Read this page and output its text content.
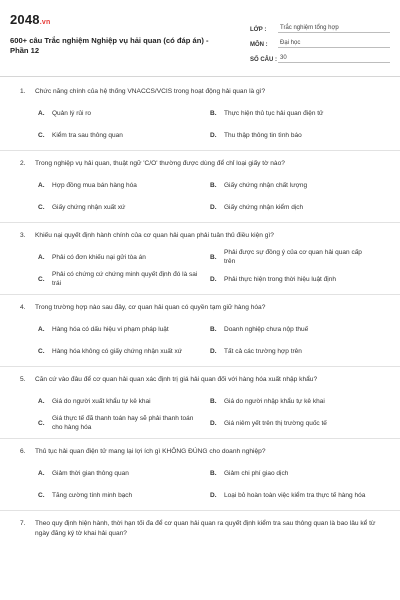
2048.vn
600+ câu Trắc nghiệm Nghiệp vụ hải quan (có đáp án) - Phần 12
LỚP :	Trắc nghiệm tổng hợp
MÔN :	Đại học
SỐ CÂU : 30
1.	Chức năng chính của hệ thống VNACCS/VCIS trong hoạt động hải quan là gì?
A.	Quản lý rủi ro	B.	Thực hiện thủ tục hải quan điện tử
C.	Kiểm tra sau thông quan	D.	Thu thập thông tin tình báo
2.	Trong nghiệp vụ hải quan, thuật ngữ 'C/O' thường được dùng để chỉ loại giấy tờ nào?
A.	Hợp đồng mua bán hàng hóa	B.	Giấy chứng nhận chất lượng
C.	Giấy chứng nhận xuất xứ	D.	Giấy chứng nhận kiểm dịch
3.	Khiếu nại quyết định hành chính của cơ quan hải quan phải tuân thủ điều kiện gì?
A.	Phải có đơn khiếu nại gửi tòa án	B.
Phải được sự đồng ý của cơ quan hải quan cấp trên
C.
Phải có chứng cứ chứng minh quyết định đó là sai trái
D.	Phải thực hiện trong thời hiệu luật định
4.	Trong trường hợp nào sau đây, cơ quan hải quan có quyền tạm giữ hàng hóa?
A.	Hàng hóa có dấu hiệu vi phạm pháp luật	B.	Doanh nghiệp chưa nộp thuế
C.	Hàng hóa không có giấy chứng nhận xuất xứ	D.	Tất cả các trường hợp trên
5.	Căn cứ vào đâu để cơ quan hải quan xác định trị giá hải quan đối với hàng hóa xuất nhập khẩu?
A.	Giá do người xuất khẩu tự kê khai	B.	Giá do người nhập khẩu tự kê khai
C.
Giá thực tế đã thanh toán hay sẽ phải thanh toán cho hàng hóa
D.	Giá niêm yết trên thị trường quốc tế
6.	Thủ tục hải quan điện tử mang lại lợi ích gì KHÔNG ĐÚNG cho doanh nghiệp?
A.	Giảm thời gian thông quan	B.	Giảm chi phí giao dịch
C.	Tăng cường tính minh bạch	D.	Loại bỏ hoàn toàn việc kiểm tra thực tế hàng hóa
7.	Theo quy định hiện hành, thời hạn tối đa để cơ quan hải quan ra quyết định kiểm tra sau thông quan là bao lâu kể từ ngày đăng ký tờ khai hải quan?
